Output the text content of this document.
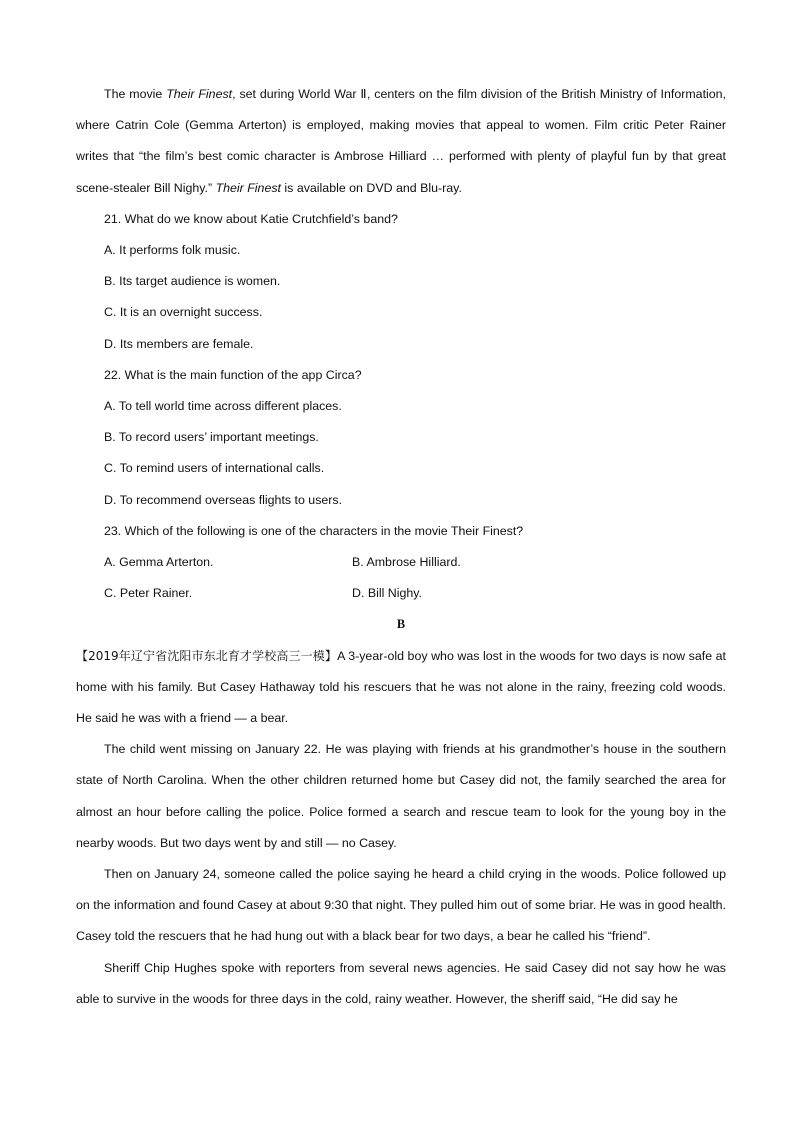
The movie Their Finest, set during World War Ⅱ, centers on the film division of the British Ministry of Information, where Catrin Cole (Gemma Arterton) is employed, making movies that appeal to women. Film critic Peter Rainer writes that “the film’s best comic character is Ambrose Hilliard … performed with plenty of playful fun by that great scene-stealer Bill Nighy.” Their Finest is available on DVD and Blu-ray.

21. What do we know about Katie Crutchfield’s band?

A. It performs folk music.

B. Its target audience is women.

C. It is an overnight success.

D. Its members are female.

22. What is the main function of the app Circa?

A. To tell world time across different places.

B. To record users’ important meetings.

C. To remind users of international calls.

D. To recommend overseas flights to users.

23. Which of the following is one of the characters in the movie Their Finest?

A. Gemma Arterton.	B. Ambrose Hilliard.
C. Peter Rainer.	D. Bill Nighy.

B

【2019年辽宁省沈阳市东北育才学校高三一模】A 3-year-old boy who was lost in the woods for two days is now safe at home with his family. But Casey Hathaway told his rescuers that he was not alone in the rainy, freezing cold woods. He said he was with a friend — a bear.

The child went missing on January 22. He was playing with friends at his grandmother’s house in the southern state of North Carolina. When the other children returned home but Casey did not, the family searched the area for almost an hour before calling the police. Police formed a search and rescue team to look for the young boy in the nearby woods. But two days went by and still — no Casey.

Then on January 24, someone called the police saying he heard a child crying in the woods. Police followed up on the information and found Casey at about 9:30 that night. They pulled him out of some briar. He was in good health. Casey told the rescuers that he had hung out with a black bear for two days, a bear he called his “friend”.

Sheriff Chip Hughes spoke with reporters from several news agencies. He said Casey did not say how he was able to survive in the woods for three days in the cold, rainy weather. However, the sheriff said, “He did say he
